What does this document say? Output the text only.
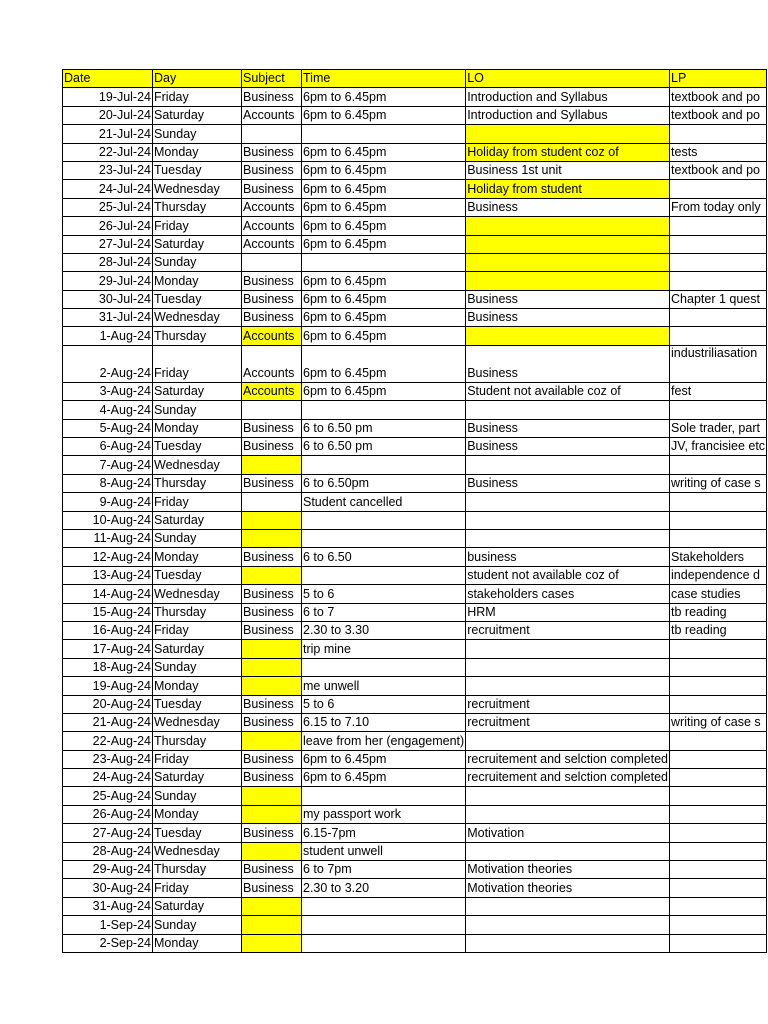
Date	Day	Subject	Time	LO	LP
19-Jul-24	Friday	Business	6pm to 6.45pm	Introduction and Syllabus	textbook and po
20-Jul-24	Saturday	Accounts	6pm to 6.45pm	Introduction and Syllabus	textbook and po
21-Jul-24	Sunday				
22-Jul-24	Monday	Business	6pm to 6.45pm	Holiday from student coz of	tests
23-Jul-24	Tuesday	Business	6pm to 6.45pm	Business 1st unit	textbook and po
24-Jul-24	Wednesday	Business	6pm to 6.45pm	Holiday from student	
25-Jul-24	Thursday	Accounts	6pm to 6.45pm	Business	From today only
26-Jul-24	Friday	Accounts	6pm to 6.45pm		
27-Jul-24	Saturday	Accounts	6pm to 6.45pm		
28-Jul-24	Sunday				
29-Jul-24	Monday	Business	6pm to 6.45pm		
30-Jul-24	Tuesday	Business	6pm to 6.45pm	Business	Chapter 1 quest
31-Jul-24	Wednesday	Business	6pm to 6.45pm	Business	
1-Aug-24	Thursday	Accounts	6pm to 6.45pm		
2-Aug-24	Friday	Accounts	6pm to 6.45pm	Business	industriliasation
3-Aug-24	Saturday	Accounts	6pm to 6.45pm	Student not available coz of	fest
4-Aug-24	Sunday				
5-Aug-24	Monday	Business	6 to 6.50 pm	Business	Sole trader, part
6-Aug-24	Tuesday	Business	6 to 6.50 pm	Business	JV, francisiee etc
7-Aug-24	Wednesday				
8-Aug-24	Thursday	Business	6 to 6.50pm	Business	writing of case s
9-Aug-24	Friday		Student cancelled		
10-Aug-24	Saturday				
11-Aug-24	Sunday				
12-Aug-24	Monday	Business	6 to 6.50	business	Stakeholders
13-Aug-24	Tuesday			student not available coz of	independence d
14-Aug-24	Wednesday	Business	5 to 6	stakeholders cases	case studies
15-Aug-24	Thursday	Business	6 to 7	HRM	tb reading
16-Aug-24	Friday	Business	2.30 to 3.30	recruitment	tb reading
17-Aug-24	Saturday		trip mine		
18-Aug-24	Sunday				
19-Aug-24	Monday		me unwell		
20-Aug-24	Tuesday	Business	5 to 6	recruitment	
21-Aug-24	Wednesday	Business	6.15 to 7.10	recruitment	writing of case s
22-Aug-24	Thursday		leave from her (engagement)		
23-Aug-24	Friday	Business	6pm to 6.45pm	recruitement and selction completed	
24-Aug-24	Saturday	Business	6pm to 6.45pm	recruitement and selction completed	
25-Aug-24	Sunday				
26-Aug-24	Monday		my passport work		
27-Aug-24	Tuesday	Business	6.15-7pm	Motivation	
28-Aug-24	Wednesday		student unwell		
29-Aug-24	Thursday	Business	6 to 7pm	Motivation theories	
30-Aug-24	Friday	Business	2.30 to 3.20	Motivation theories	
31-Aug-24	Saturday				
1-Sep-24	Sunday				
2-Sep-24	Monday				
